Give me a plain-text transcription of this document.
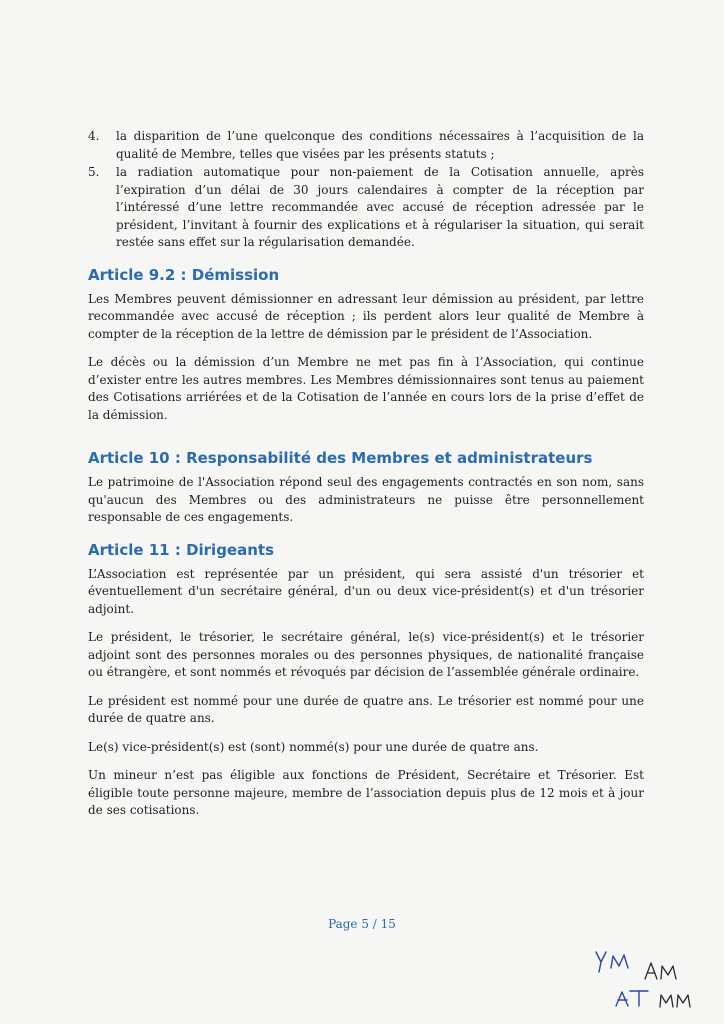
4.	la disparition de l’une quelconque des conditions nécessaires à l’acquisition de la qualité de Membre, telles que visées par les présents statuts ;
5.	la radiation automatique pour non-paiement de la Cotisation annuelle, après l’expiration d’un délai de 30 jours calendaires à compter de la réception par l’intéressé d’une lettre recommandée avec accusé de réception adressée par le président, l’invitant à fournir des explications et à régulariser la situation, qui serait restée sans effet sur la régularisation demandée.
Article 9.2 : Démission

Les Membres peuvent démissionner en adressant leur démission au président, par lettre recommandée avec accusé de réception ; ils perdent alors leur qualité de Membre à compter de la réception de la lettre de démission par le président de l’Association.

Le décès ou la démission d’un Membre ne met pas fin à l’Association, qui continue d’exister entre les autres membres. Les Membres démissionnaires sont tenus au paiement des Cotisations arriérées et de la Cotisation de l’année en cours lors de la prise d’effet de la démission.

Article 10 : Responsabilité des Membres et administrateurs

Le patrimoine de l'Association répond seul des engagements contractés en son nom, sans qu'aucun des Membres ou des administrateurs ne puisse être personnellement responsable de ces engagements.

Article 11 : Dirigeants

L’Association est représentée par un président, qui sera assisté d'un trésorier et éventuellement d'un secrétaire général, d'un ou deux vice-président(s) et d'un trésorier adjoint.

Le président, le trésorier, le secrétaire général, le(s) vice-président(s) et le trésorier adjoint sont des personnes morales ou des personnes physiques, de nationalité française ou étrangère, et sont nommés et révoqués par décision de l’assemblée générale ordinaire.

Le président est nommé pour une durée de quatre ans. Le trésorier est nommé pour une durée de quatre ans.

Le(s) vice-président(s) est (sont) nommé(s) pour une durée de quatre ans.

Un mineur n’est pas éligible aux fonctions de Président, Secrétaire et Trésorier. Est éligible toute personne majeure, membre de l’association depuis plus de 12 mois et à jour de ses cotisations.

Page 5 / 15
